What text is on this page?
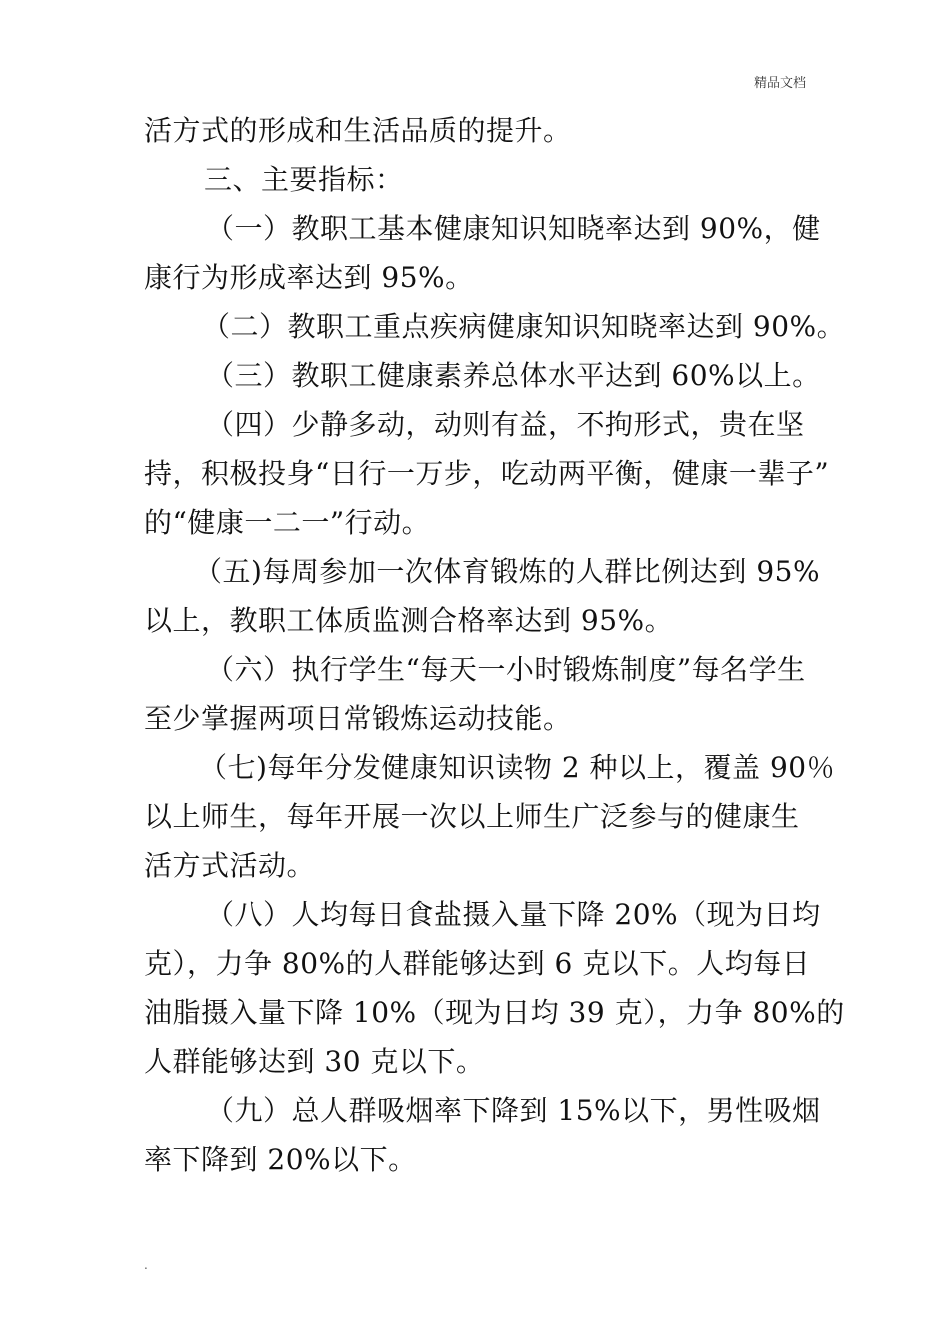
精品文档
活方式的形成和生活品质的提升。
三、主要指标：
（一）教职工基本健康知识知晓率达到 90%，健
康行为形成率达到 95%。
（二）教职工重点疾病健康知识知晓率达到 90%。
（三）教职工健康素养总体水平达到 60%以上。
（四）少静多动，动则有益，不拘形式，贵在坚
持，积极投身“日行一万步，吃动两平衡，健康一辈子”
的“健康一二一”行动。
（五)每周参加一次体育锻炼的人群比例达到 95%
以上，教职工体质监测合格率达到 95%。
（六）执行学生“每天一小时锻炼制度”每名学生
至少掌握两项日常锻炼运动技能。
（七)每年分发健康知识读物 2 种以上，覆盖 90％
以上师生，每年开展一次以上师生广泛参与的健康生
活方式活动。
（八）人均每日食盐摄入量下降 20%（现为日均
克），力争 80%的人群能够达到 6 克以下。人均每日
油脂摄入量下降 10%（现为日均 39 克），力争 80%的
人群能够达到 30 克以下。
（九）总人群吸烟率下降到 15%以下，男性吸烟
率下降到 20%以下。
.
